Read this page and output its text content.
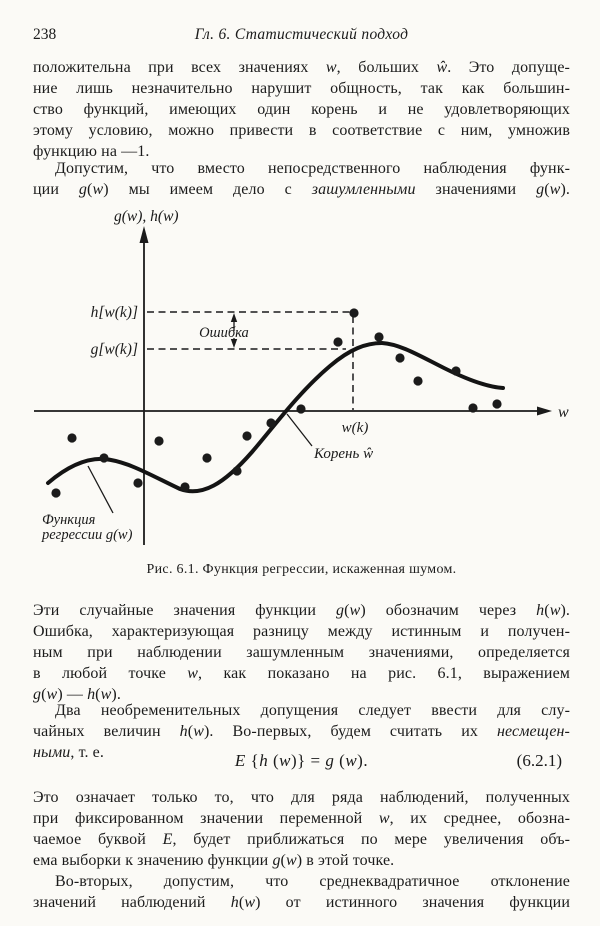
238	Гл. 6. Статистический подход
положительна при всех значениях w, больших ŵ. Это допуще-
ние лишь незначительно нарушит общность, так как большин-
ство функций, имеющих один корень и не удовлетворяющих
этому условию, можно привести в соответствие с ним, умножив
функцию на —1.
Допустим, что вместо непосредственного наблюдения функ-
ции g(w) мы имеем дело с зашумленными значениями g(w).
g(w), h(w)
h[w(k)]
g[w(k)]
Ошибка
w
w(k)
Корень ŵ
Функция
регрессии g(w)
Рис. 6.1. Функция регрессии, искаженная шумом.
Эти случайные значения функции g(w) обозначим через h(w).
Ошибка, характеризующая разницу между истинным и получен-
ным при наблюдении зашумленным значениями, определяется
в любой точке w, как показано на рис. 6.1, выражением
g(w) — h(w).
Два необременительных допущения следует ввести для слу-
чайных величин h(w). Во-первых, будем считать их несмещен-
ными, т. е.	E {h (w)} = g (w).	(6.2.1)
Это означает только то, что для ряда наблюдений, полученных
при фиксированном значении переменной w, их среднее, обозна-
чаемое буквой E, будет приближаться по мере увеличения объ-
ема выборки к значению функции g(w) в этой точке.
Во-вторых, допустим, что среднеквадратичное отклонение
значений наблюдений h(w) от истинного значения функции
